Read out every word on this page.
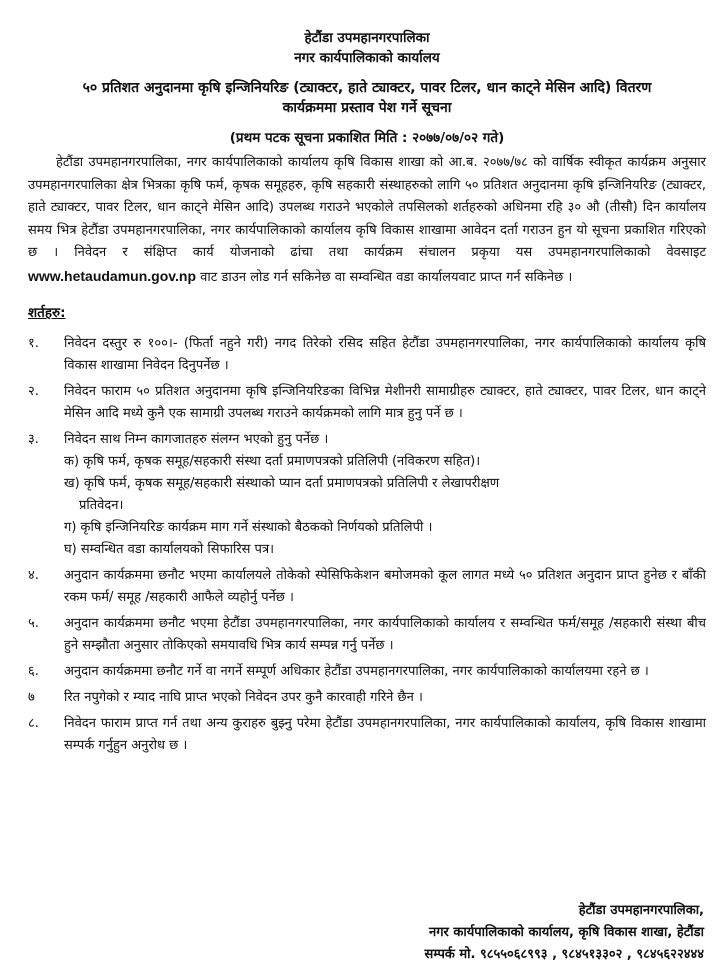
हेटौंडा उपमहानगरपालिका
नगर कार्यपालिकाको कार्यालय
५० प्रतिशत अनुदानमा कृषि इन्जिनियरिङ (ट्याक्टर, हाते ट्याक्टर, पावर टिलर, धान काट्ने मेसिन आदि) वितरण
कार्यक्रममा प्रस्ताव पेश गर्ने सूचना
(प्रथम पटक सूचना प्रकाशित मिति : २०७७/०७/०२ गते)
हेटौंडा उपमहानगरपालिका, नगर कार्यपालिकाको कार्यालय कृषि विकास शाखा को आ.ब. २०७७/७८ को वार्षिक स्वीकृत कार्यक्रम अनुसार उपमहानगरपालिका क्षेत्र भित्रका कृषि फर्म, कृषक समूहहरु, कृषि सहकारी संस्थाहरुको लागि ५० प्रतिशत अनुदानमा कृषि इन्जिनियरिङ (ट्याक्टर, हाते ट्याक्टर, पावर टिलर, धान काट्ने मेसिन आदि) उपलब्ध गराउने भएकोले तपसिलको शर्तहरुको अधिनमा रहि ३० औ (तीसौ) दिन कार्यालय समय भित्र हेटौंडा उपमहानगरपालिका, नगर कार्यपालिकाको कार्यालय कृषि विकास शाखामा आवेदन दर्ता गराउन हुन यो सूचना प्रकाशित गरिएको छ । निवेदन र संक्षिप्त कार्य योजनाको ढांचा तथा कार्यक्रम संचालन प्रकृया यस उपमहानगरपालिकाको वेवसाइट www.hetaudamun.gov.np वाट डाउन लोड गर्न सकिनेछ वा सम्वन्धित वडा कार्यालयवाट प्राप्त गर्न सकिनेछ ।
शर्तहरु:
१.	निवेदन दस्तुर रु १००।- (फिर्ता नहुने गरी) नगद तिरेको रसिद सहित हेटौंडा उपमहानगरपालिका, नगर कार्यपालिकाको कार्यालय कृषि विकास शाखामा निवेदन दिनुपर्नेछ ।
२.	निवेदन फाराम ५० प्रतिशत अनुदानमा कृषि इन्जिनियरिङका विभिन्न मेशीनरी सामाग्रीहरु ट्याक्टर, हाते ट्याक्टर, पावर टिलर, धान काट्ने मेसिन आदि मध्ये कुनै एक सामाग्री उपलब्ध गराउने कार्यक्रमको लागि मात्र हुनु पर्ने छ ।
३.	निवेदन साथ निम्न कागजातहरु संलग्न भएको हुनु पर्नेछ ।
क) कृषि फर्म, कृषक समूह/सहकारी संस्था दर्ता प्रमाणपत्रको प्रतिलिपी (नविकरण सहित)।
ख) कृषि फर्म, कृषक समूह/सहकारी संस्थाको प्यान दर्ता प्रमाणपत्रको प्रतिलिपी र लेखापरीक्षण
प्रतिवेदन।
ग) कृषि इन्जिनियरिङ कार्यक्रम माग गर्ने संस्थाको बैठकको निर्णयको प्रतिलिपी ।
घ) सम्वन्धित वडा कार्यालयको सिफारिस पत्र।
४.	अनुदान कार्यक्रममा छनौट भएमा कार्यालयले तोकेको स्पेसिफिकेशन बमोजमको कूल लागत मध्ये ५० प्रतिशत अनुदान प्राप्त हुनेछ र बाँकी रकम फर्म/ समूह /सहकारी आफैले व्यहोर्नु पर्नेछ ।
५.	अनुदान कार्यक्रममा छनौट भएमा हेटौंडा उपमहानगरपालिका, नगर कार्यपालिकाको कार्यालय र सम्वन्धित फर्म/समूह /सहकारी संस्था बीच हुने सम्झौता अनुसार तोकिएको समयावधि भित्र कार्य सम्पन्न गर्नु पर्नेछ ।
६.	अनुदान कार्यक्रममा छनौट गर्ने वा नगर्ने सम्पूर्ण अधिकार हेटौंडा उपमहानगरपालिका, नगर कार्यपालिकाको कार्यालयमा रहने छ ।
७	रित नपुगेको र म्याद नाघि प्राप्त भएको निवेदन उपर कुनै कारवाही गरिने छैन ।
८.	निवेदन फाराम प्राप्त गर्न तथा अन्य कुराहरु बुझ्नु परेमा हेटौंडा उपमहानगरपालिका, नगर कार्यपालिकाको कार्यालय, कृषि विकास शाखामा सम्पर्क गर्नुहुन अनुरोध छ ।
हेटौंडा उपमहानगरपालिका,
नगर कार्यपालिकाको कार्यालय, कृषि विकास शाखा, हेटौंडा
सम्पर्क मो. ९८५५०६८९९३ , ९८४५१३३०२ , ९८४५६२२४४४
